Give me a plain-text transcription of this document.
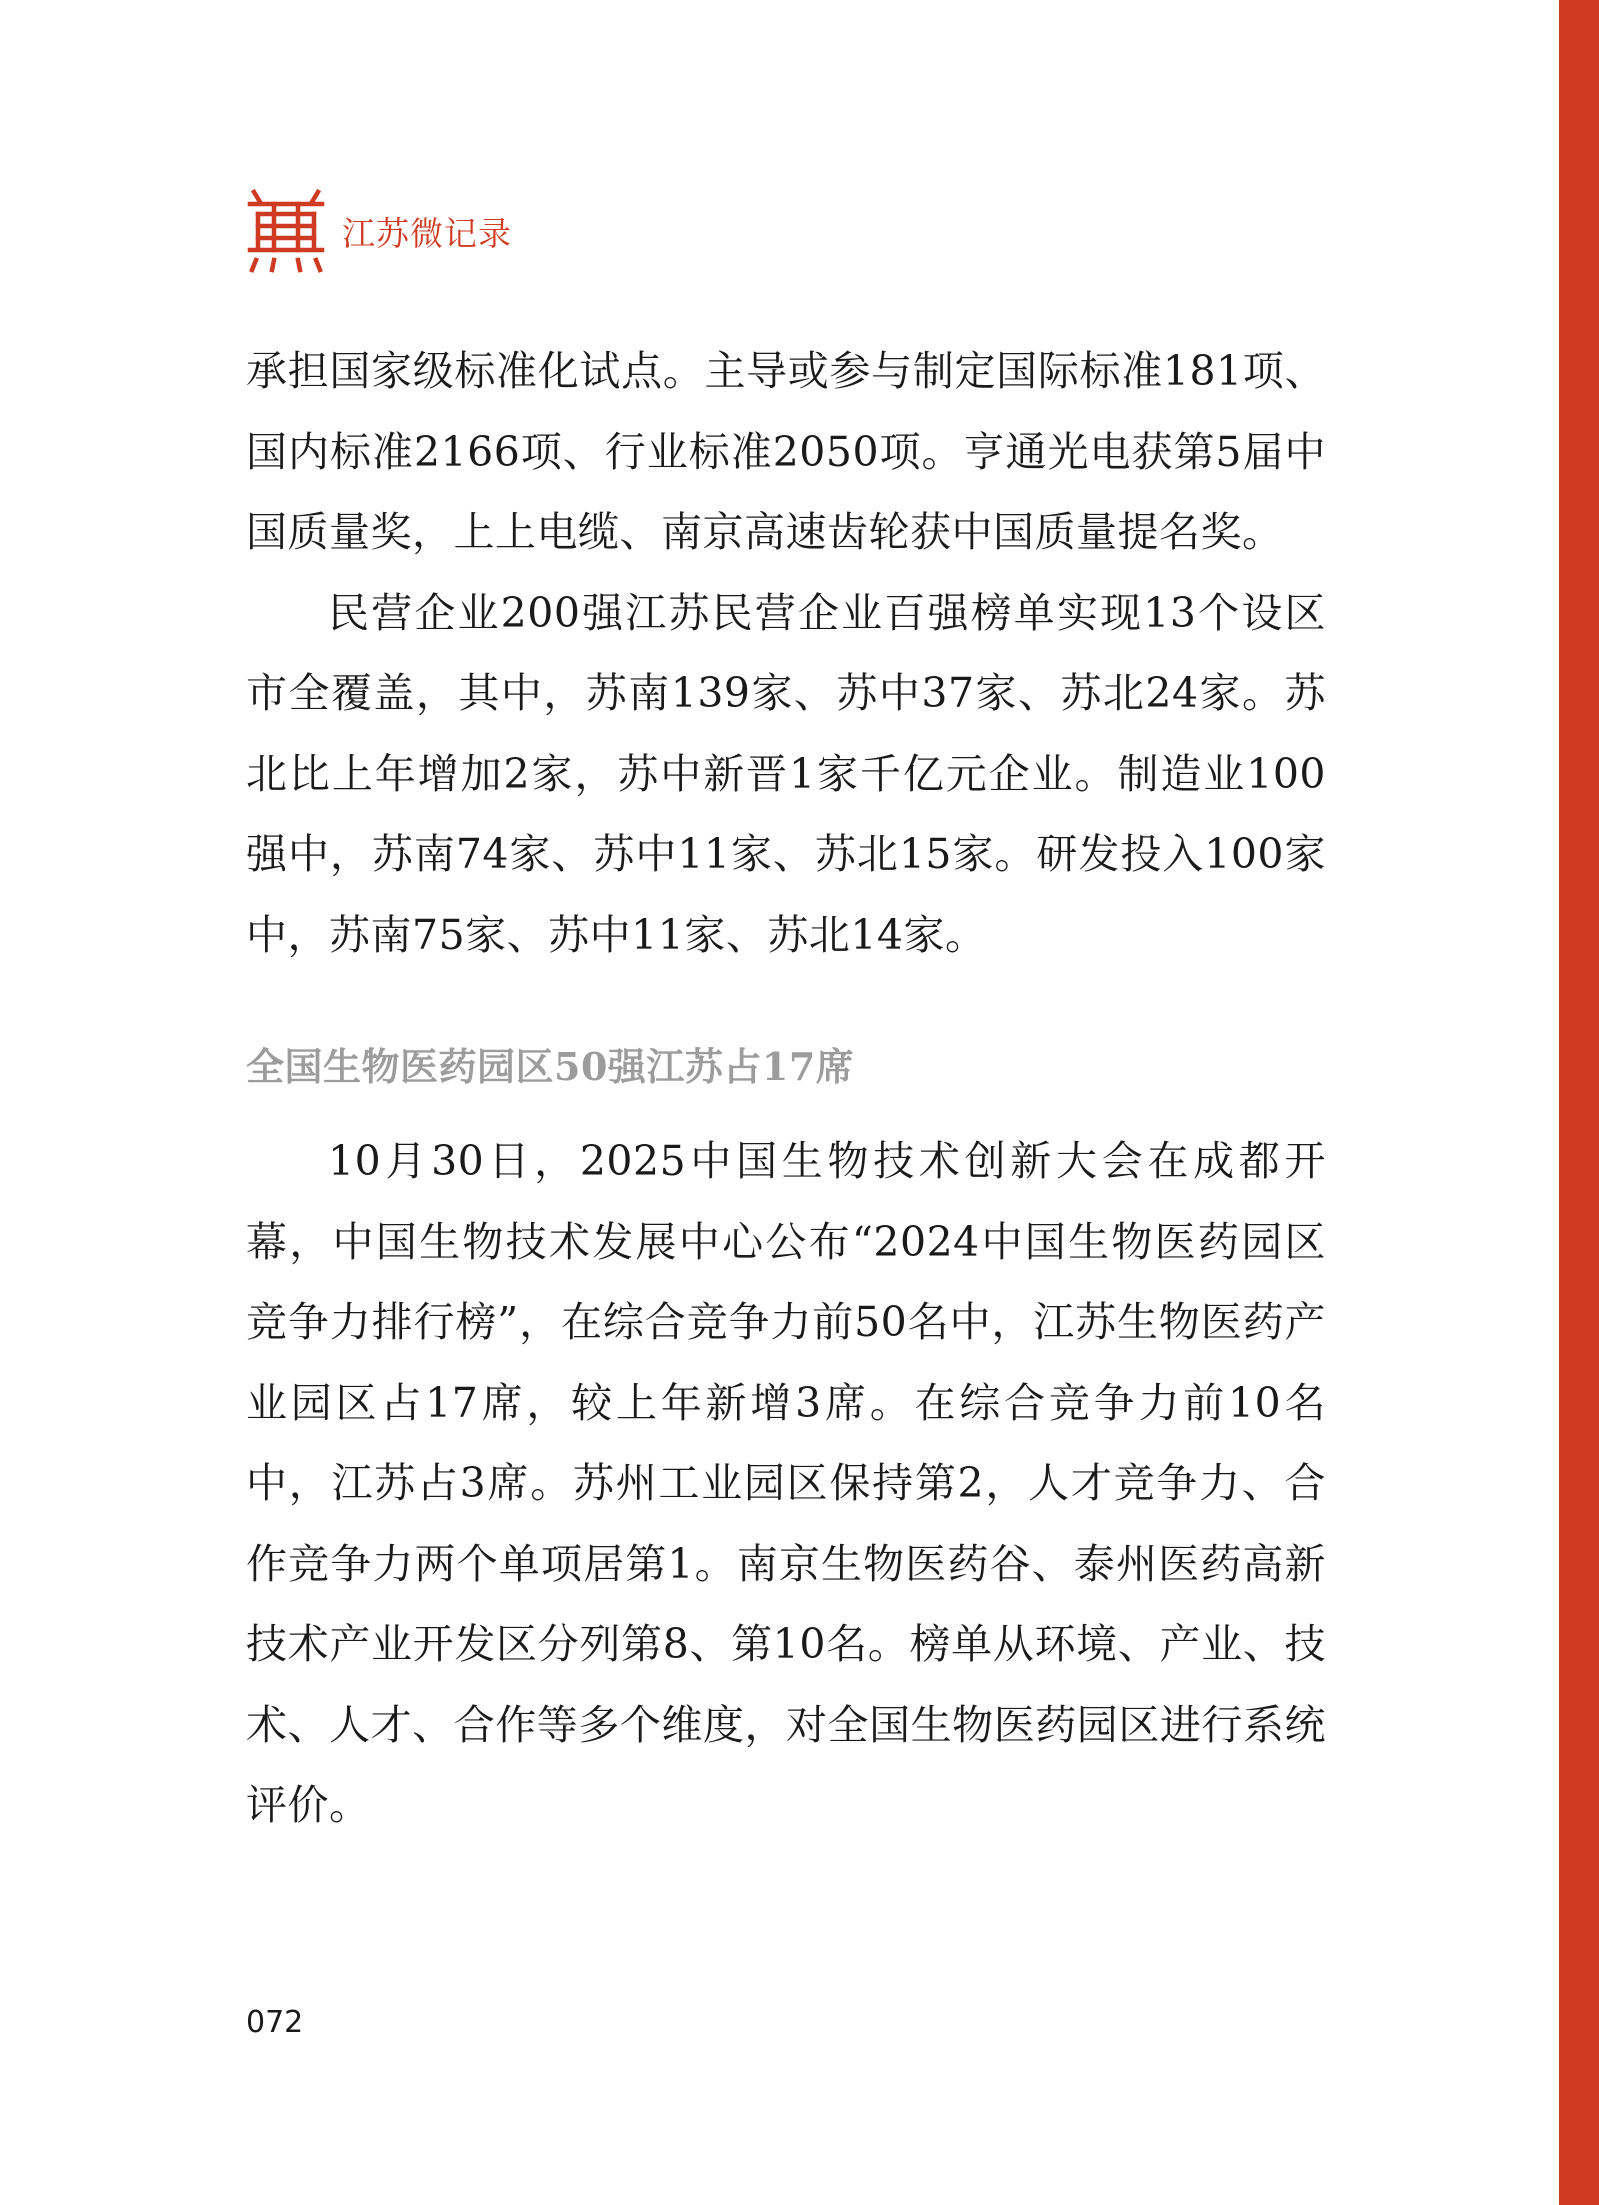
江苏微记录

承担国家级标准化试点。主导或参与制定国际标准181项、国内标准2166项、行业标准2050项。亨通光电获第5届中国质量奖，上上电缆、南京高速齿轮获中国质量提名奖。

民营企业200强江苏民营企业百强榜单实现13个设区市全覆盖，其中，苏南139家、苏中37家、苏北24家。苏北比上年增加2家，苏中新晋1家千亿元企业。制造业100强中，苏南74家、苏中11家、苏北15家。研发投入100家中，苏南75家、苏中11家、苏北14家。

全国生物医药园区50强江苏占17席

10月30日，2025中国生物技术创新大会在成都开幕，中国生物技术发展中心公布“2024中国生物医药园区竞争力排行榜”，在综合竞争力前50名中，江苏生物医药产业园区占17席，较上年新增3席。在综合竞争力前10名中，江苏占3席。苏州工业园区保持第2，人才竞争力、合作竞争力两个单项居第1。南京生物医药谷、泰州医药高新技术产业开发区分列第8、第10名。榜单从环境、产业、技术、人才、合作等多个维度，对全国生物医药园区进行系统评价。

072
